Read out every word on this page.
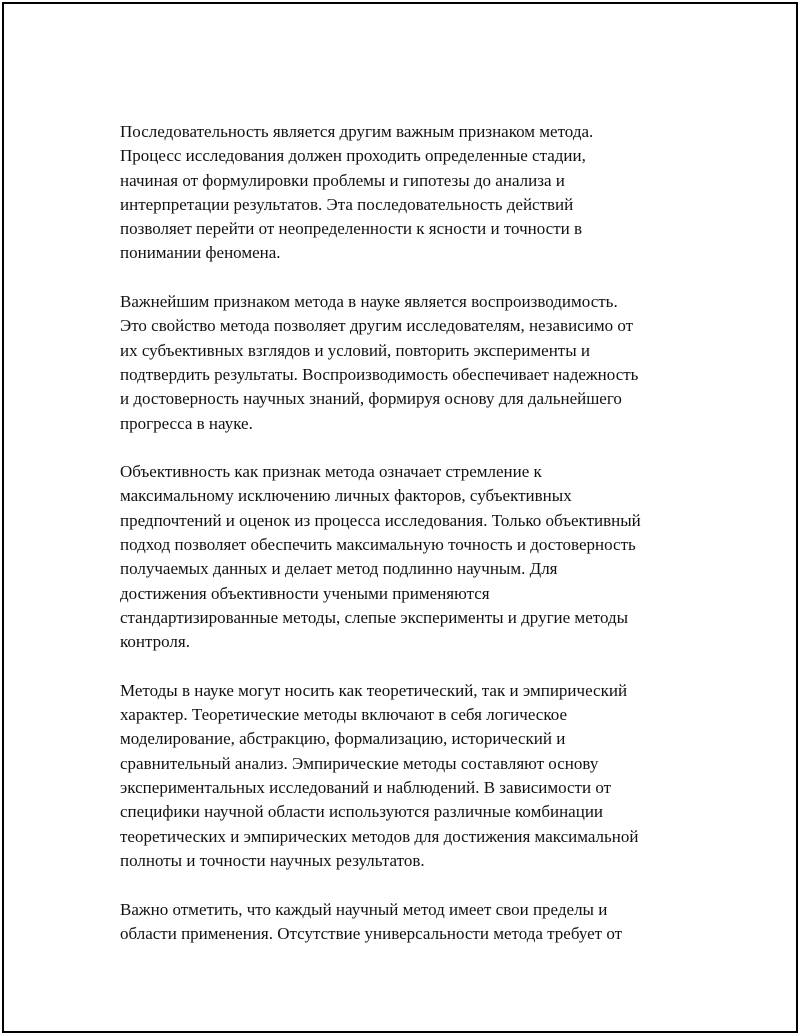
Последовательность является другим важным признаком метода.
Процесс исследования должен проходить определенные стадии,
начиная от формулировки проблемы и гипотезы до анализа и
интерпретации результатов. Эта последовательность действий
позволяет перейти от неопределенности к ясности и точности в
понимании феномена.

Важнейшим признаком метода в науке является воспроизводимость.
Это свойство метода позволяет другим исследователям, независимо от
их субъективных взглядов и условий, повторить эксперименты и
подтвердить результаты. Воспроизводимость обеспечивает надежность
и достоверность научных знаний, формируя основу для дальнейшего
прогресса в науке.

Объективность как признак метода означает стремление к
максимальному исключению личных факторов, субъективных
предпочтений и оценок из процесса исследования. Только объективный
подход позволяет обеспечить максимальную точность и достоверность
получаемых данных и делает метод подлинно научным. Для
достижения объективности учеными применяются
стандартизированные методы, слепые эксперименты и другие методы
контроля.

Методы в науке могут носить как теоретический, так и эмпирический
характер. Теоретические методы включают в себя логическое
моделирование, абстракцию, формализацию, исторический и
сравнительный анализ. Эмпирические методы составляют основу
экспериментальных исследований и наблюдений. В зависимости от
специфики научной области используются различные комбинации
теоретических и эмпирических методов для достижения максимальной
полноты и точности научных результатов.

Важно отметить, что каждый научный метод имеет свои пределы и
области применения. Отсутствие универсальности метода требует от
